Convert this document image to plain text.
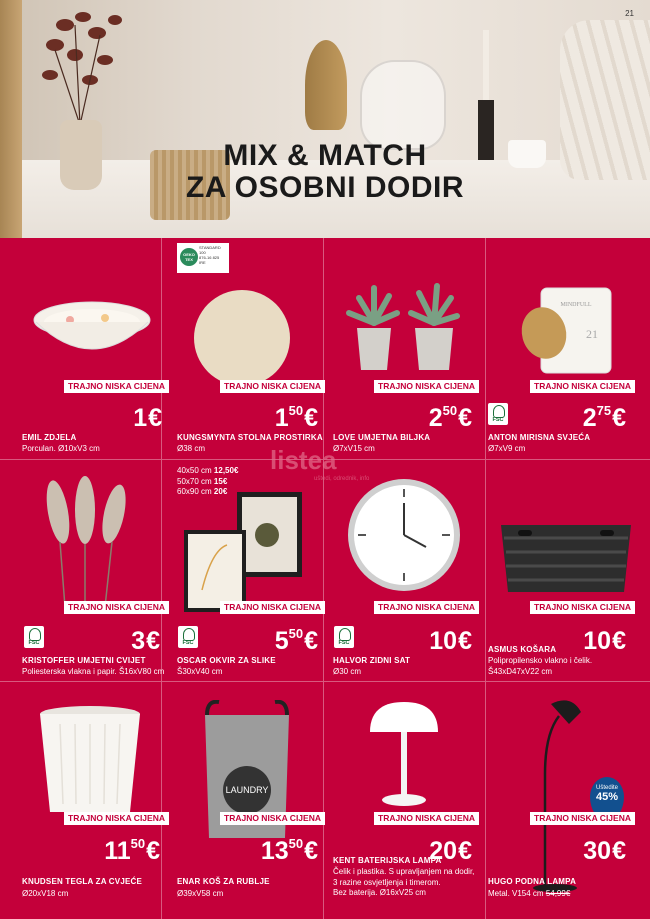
21
MIX & MATCH
ZA OSOBNI DODIR
MINDFULL
21
LAUNDRY
TRAJNO NISKA CIJENA
1€
EMIL ZDJELA
Porculan. Ø10xV3 cm
OEKO TEX
STANDARD 100
876-16 825 IRE
TRAJNO NISKA CIJENA
$1^{50}€$
KUNGSMYNTA STOLNA PROSTIRKA
Ø38 cm
TRAJNO NISKA CIJENA
$2^{50}€$
LOVE UMJETNA BILJKA
Ø7xV15 cm
TRAJNO NISKA CIJENA
FSC	$2^{75}€$
ANTON MIRISNA SVJEĆA
Ø7xV9 cm
listea
uštedi, odrednik, info
TRAJNO NISKA CIJENA
FSC	3€
KRISTOFFER UMJETNI CVIJET
Poliesterska vlakna i papir. Š16xV80 cm
40x50 cm 12,50€
50x70 cm 15€
60x90 cm 20€
TRAJNO NISKA CIJENA
FSC	$5^{50}€$
OSCAR OKVIR ZA SLIKE
Š30xV40 cm
TRAJNO NISKA CIJENA
FSC	10€
HALVOR ZIDNI SAT
Ø30 cm
TRAJNO NISKA CIJENA
10€
ASMUS KOŠARA
Polipropilensko vlakno i čelik.
Š43xD47xV22 cm
TRAJNO NISKA CIJENA
$11^{50}€$
KNUDSEN TEGLA ZA CVJEĆE
Ø20xV18 cm
TRAJNO NISKA CIJENA
$13^{50}€$
ENAR KOŠ ZA RUBLJE
Ø39xV58 cm
TRAJNO NISKA CIJENA
20€
KENT BATERIJSKA LAMPA
Čelik i plastika. S upravljanjem na dodir,
3 razine osvjetljenja i timerom.
Bez baterija. Ø16xV25 cm
Uštedite
45%
TRAJNO NISKA CIJENA
30€
HUGO PODNA LAMPA
Metal. V154 cm 54,99€
